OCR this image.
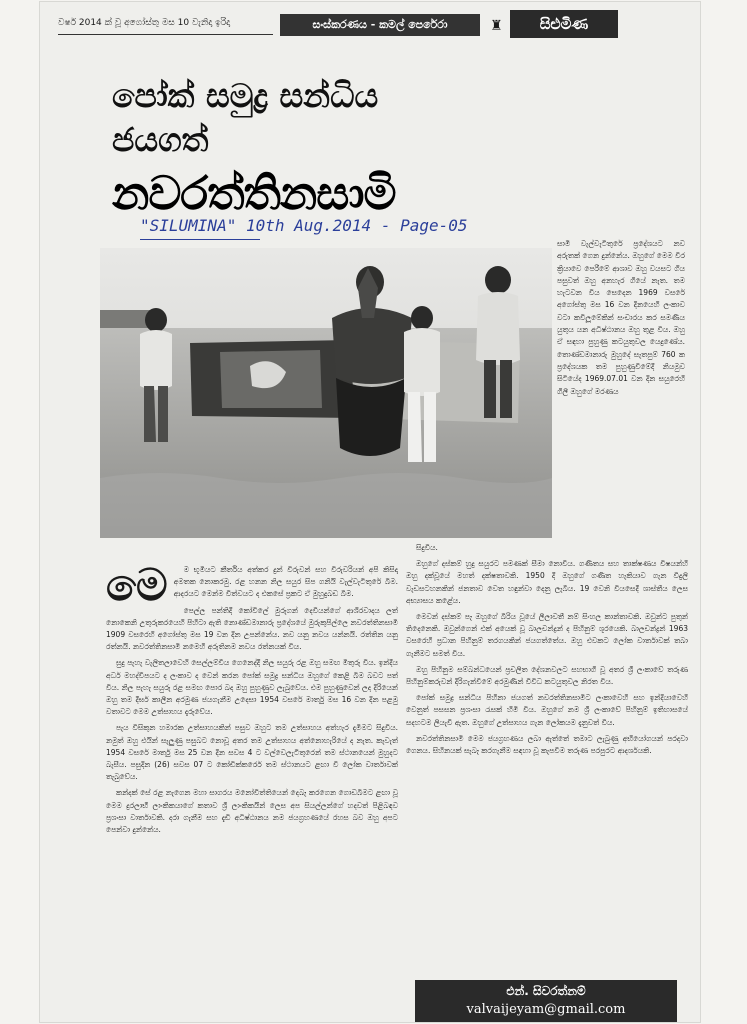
වර්ෂ 2014 ක් වූ අගෝස්තු මස 10 වැනිදා ඉරිදා	සංස්කරණය - කමල් පෙරේරා	♜	සිළුමිණ
පෝක් සමුද්‍ර සන්ධිය
ජයගත්
නවරත්තිනසාමි
"SILUMINA" 10th Aug.2014 - Page-05
සාමි වැල්වැටිතුරේ ප්‍රදේශයට නව අරුතක් ගෙන දුන්නේය. ඔහුගේ මෙම වීර ක්‍රියාවෙ පෙරීමේ ආශාව ඔහු වයසට ගිය පසුවත් ඔහු අනහැර ගියේ නැත. තම හැටවන විය සෙදෙන 1969 වසරේ අගෝස්තු මස 16 වන දිනයෙහි ලංකාව වටා කවිලූමේකින් සංචාරය කර සමණිය යුතුය යන අධිෂ්ඨානය ඔහු තුළ විය. ඔහු ඒ සඳහා පුහුණු කටයුතුවල යෙදුණේය. තොණ්ඩමානාරු මුහුදේ සැතපුම් 760 ක ප්‍රදේශයක තම පුහුණුවීමේදී නියමුව සිටියේද 1969.07.01 වන දින සයුරෙහි ගිලී ඔහුගේ මරණය
මෙ	ම භූමියට කීර්තිය අත්කර දුන් විරුවන් සහ විරුවරියන් අපි කිසිදා අමතක නොකරමු. රළ හනන නිල සයුර සිප ගනියි වැල්වැටිතුරේ බිම. ආදරයට මෙන්ම විත්වයට ද එකසේ ප්‍රකට ඒ මුහුදුබඩ බිම.

පෙල්ල පන්තිදී කෝවිලේ මුරුගන් දෙවියන්ගේ ආශිරවාදය ලත් නොකෙනි උතුරුකරයෙහි පිහිටා ඇති නොණ්ඩමානාරු ප්‍රදේශයේ මුරුකුපිල්ලෙ නවරත්තිනසාමි 1909 වසරෙහි අගෝස්තු මස 19 වන දින උපන්නේය. නව යනු නවය යන්නයි. රත්තින යනු රත්නයි. නවරත්තිනසාමි නමෙහි අරුතිනම නවය රත්නයක් විය.

සුදු පැහැ වැලිතලාවෙහි සෙල්ලම්වීය ගෙනෙද්දී නිල සයුරු රළ ඔහු සමඟ මිතුරු විය. ඉන්දීය අර්ධ මහද්වීපයට ද ලංකාව ද වෙන් කරන පෝක් සමුද්‍ර සන්ධිය ඔහුගේ කෙළි බිම බවට පත් විය. නිල පැහැ සයුරු රළ සමඟ පොර බද ඔහු පුහුණුව ලැබුවේය. එම පුහුණුවෙන් ලද දිරියෙන් ඔහු තම දීර්ඝ කාලීන අරමුණ ජයගැනීම උදෙසා 1954 වසරේ මාර්තු මස 16 වන දින පළමු වතාවට මෙම උත්සාහය දැරුවේය.

පැය විසිකුන හමාරක උත්සාහයකින් පසුව ඔහුට තම උත්සාහය අත්හැර දැමීමට සිදුවිය. නමුත් ඔහු එයින් සැලුණු පසුබට නොවූ අතර තම උත්සාහය අත්නොහැරියේ ද නැත. කැවැත් 1954 වසරේ මාර්තු මස 25 වන දින සවස 4 ට වල්වෙලැටිතුරෙන් තම ස්ථානයෙන් මුහුදට බැසීය. පසුදින (26) සවස 07 ට කෝඩික්කරෙර් තම ස්ථානයට ළඟා වී ලෝක වාර්තාවක් තැබුවේය.

කන්දක් සේ රළ නැගෙන මහා සාගරය මනෝවිත්තියෙන් දෙබෑ කරගෙන ගොඩබිමට ළඟා වූ මෙම දුරලාභී ලාංකිකයාගේ කතාව ශ්‍රී ලාංකිකයින් ලෙස අප සියල්ලන්ගේ හදවත් පිළිබඳව ප්‍රශංසා වාර්තාවකි. දරා ගැනීම සහ දැඩි අධිෂ්ඨානය නම ජයග්‍රහණයේ රහස බව ඔහු අපට පෙන්වා දුන්නේය.

සිදුවිය.

ඔහුගේ දස්කම් හුදු සයුරට පමණක් සීමා නොවීය. ගණිතය සහ තාක්ෂණය විෂයන්හි ඔහු දක්වූයේ මහත් දක්ෂතාවකි. 1950 දී ඔහුගේ ගණිත හැකියාව ගැන විදුලි වැඩසටහනකින් ජනතාව වෙත හඳුන්වා දෙනු ලැබීය. 19 වෙනි වියසෙදී ශාස්තීය ලෙස අභ්‍යාසය කළේය.

මෙවන් දස්කම් පෑ ඔහුගේ බිරිය වූයේ ලීලාවතී නම් සිංහල කාන්තාවකි. ඔවුන්ට පුතුන් තිදෙනෙකි. ඔවුන්ගෙන් එක් අයෙක් වූ බාලචන්ද්‍රන් ද පිහිනුම් ශූරයෙකි. බාලචන්ද්‍රන් 1963 වසරෙහි ප්‍රධාන පිහිනුම් තරගයකින් ජයගත්තේය. ඔහු එවකට ලෝක වාර්තාවක් තබා ගැනීමට සමත් විය.

ඔහු පිහිනුම සම්බන්ධයෙන් ප්‍රචලිත දේශනවලට සහභාගි වූ අතර ශ්‍රී ලංකාවේ තරුණ පිහිනුම්කරුවන් දිරිගැන්වීමේ අරමුණින් විවිධ කටයුතුවල නිරත විය.

පෝක් සමුද්‍ර සන්ධිය පිහිනා ජයගත් නවරත්තිනසාමිට ලංකාවෙහි සහ ඉන්දියාවෙහි වෙනුත් පසසන ප්‍රශංසා රැසක් හිමි විය. ඔහුගේ නම ශ්‍රී ලංකාවේ පිහිනුම් ඉතිහාසයේ සදහටම ලියැවී ඇත. ඔහුගේ උත්සාහය ගැන ලෝකයම දැනුවත් විය.

නවරත්තිනසාමි මෙම ජයග්‍රහණය ලබා ඇත්තේ තමාට ලැබුණු අභියෝගයන් පරදවා ගෙනය. සිහිනයක් සැබෑ කරගැනීම සඳහා වූ කැපවීම තරුණ පරපුරට ආදර්ශයකි.

එන්. සිවරත්නම්
valvaijeyam@gmail.com
